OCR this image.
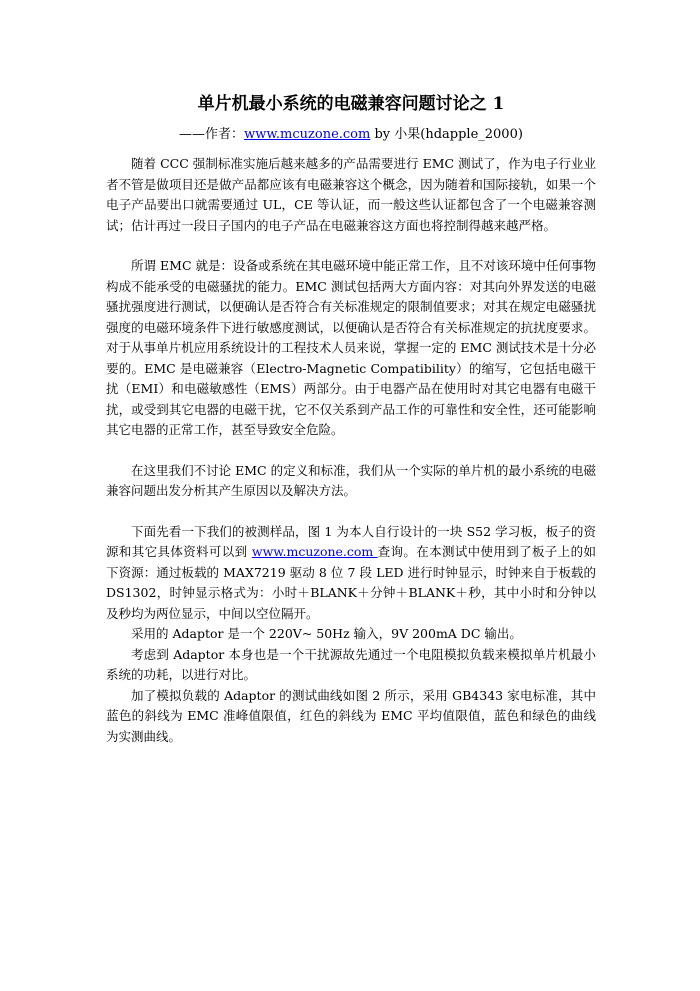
单片机最小系统的电磁兼容问题讨论之 1
——作者：www.mcuzone.com by 小果(hdapple_2000)

随着 CCC 强制标准实施后越来越多的产品需要进行 EMC 测试了，作为电子行业业者不管是做项目还是做产品都应该有电磁兼容这个概念，因为随着和国际接轨，如果一个电子产品要出口就需要通过 UL，CE 等认证，而一般这些认证都包含了一个电磁兼容测试；估计再过一段日子国内的电子产品在电磁兼容这方面也将控制得越来越严格。

所谓 EMC 就是：设备或系统在其电磁环境中能正常工作，且不对该环境中任何事物构成不能承受的电磁骚扰的能力。EMC 测试包括两大方面内容：对其向外界发送的电磁骚扰强度进行测试，以便确认是否符合有关标准规定的限制值要求；对其在规定电磁骚扰强度的电磁环境条件下进行敏感度测试，以便确认是否符合有关标准规定的抗扰度要求。对于从事单片机应用系统设计的工程技术人员来说，掌握一定的 EMC 测试技术是十分必要的。EMC 是电磁兼容（Electro-Magnetic Compatibility）的缩写，它包括电磁干扰（EMI）和电磁敏感性（EMS）两部分。由于电器产品在使用时对其它电器有电磁干扰，或受到其它电器的电磁干扰，它不仅关系到产品工作的可靠性和安全性，还可能影响其它电器的正常工作，甚至导致安全危险。

在这里我们不讨论 EMC 的定义和标准，我们从一个实际的单片机的最小系统的电磁兼容问题出发分析其产生原因以及解决方法。

下面先看一下我们的被测样品，图 1 为本人自行设计的一块 S52 学习板，板子的资源和其它具体资料可以到 www.mcuzone.com 查询。在本测试中使用到了板子上的如下资源：通过板载的 MAX7219 驱动 8 位 7 段 LED 进行时钟显示，时钟来自于板载的 DS1302，时钟显示格式为：小时＋BLANK＋分钟＋BLANK＋秒，其中小时和分钟以及秒均为两位显示，中间以空位隔开。

采用的 Adaptor 是一个 220V~ 50Hz 输入，9V 200mA DC 输出。

考虑到 Adaptor 本身也是一个干扰源故先通过一个电阻模拟负载来模拟单片机最小系统的功耗，以进行对比。

加了模拟负载的 Adaptor 的测试曲线如图 2 所示，采用 GB4343 家电标准，其中蓝色的斜线为 EMC 准峰值限值，红色的斜线为 EMC 平均值限值，蓝色和绿色的曲线为实测曲线。
